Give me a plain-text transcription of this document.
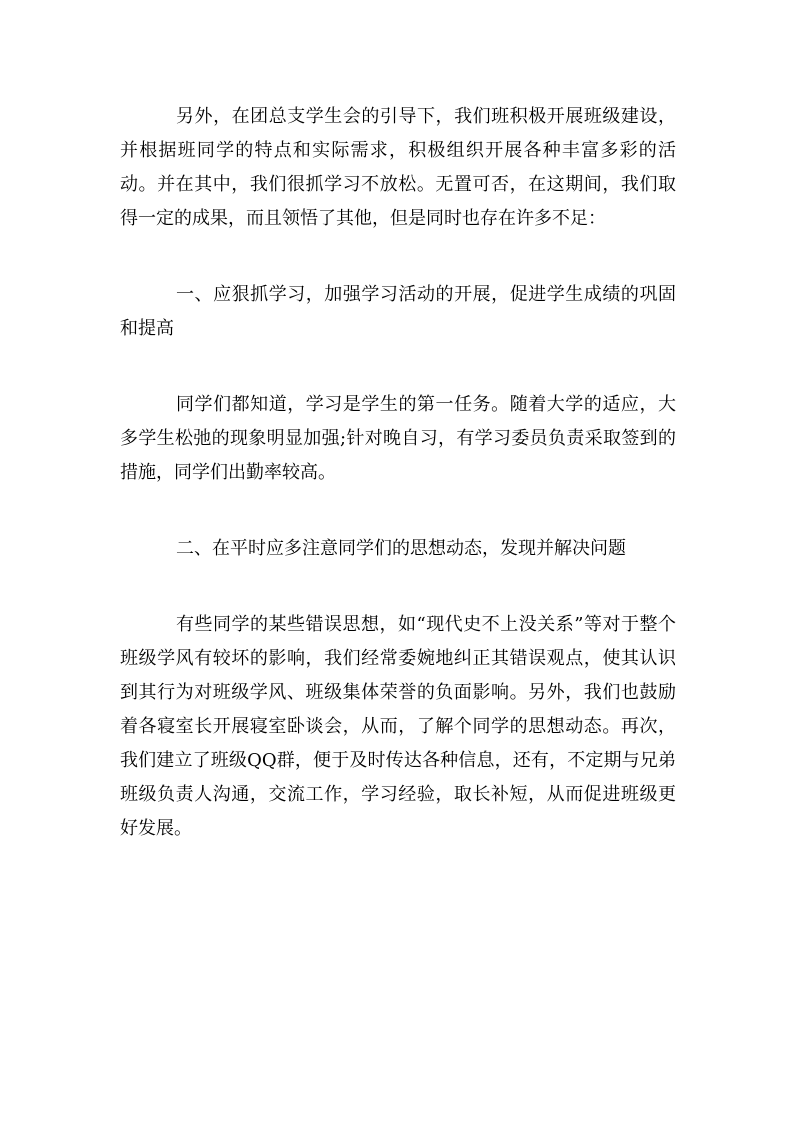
另外，在团总支学生会的引导下，我们班积极开展班级建设，并根据班同学的特点和实际需求，积极组织开展各种丰富多彩的活动。并在其中，我们很抓学习不放松。无置可否，在这期间，我们取得一定的成果，而且领悟了其他，但是同时也存在许多不足：

一、应狠抓学习，加强学习活动的开展，促进学生成绩的巩固和提高

同学们都知道，学习是学生的第一任务。随着大学的适应，大多学生松弛的现象明显加强;针对晚自习，有学习委员负责采取签到的措施，同学们出勤率较高。

二、在平时应多注意同学们的思想动态，发现并解决问题

有些同学的某些错误思想，如“现代史不上没关系”等对于整个班级学风有较坏的影响，我们经常委婉地纠正其错误观点，使其认识到其行为对班级学风、班级集体荣誉的负面影响。另外，我们也鼓励着各寝室长开展寝室卧谈会，从而，了解个同学的思想动态。再次，我们建立了班级QQ群，便于及时传达各种信息，还有，不定期与兄弟班级负责人沟通，交流工作，学习经验，取长补短，从而促进班级更好发展。
